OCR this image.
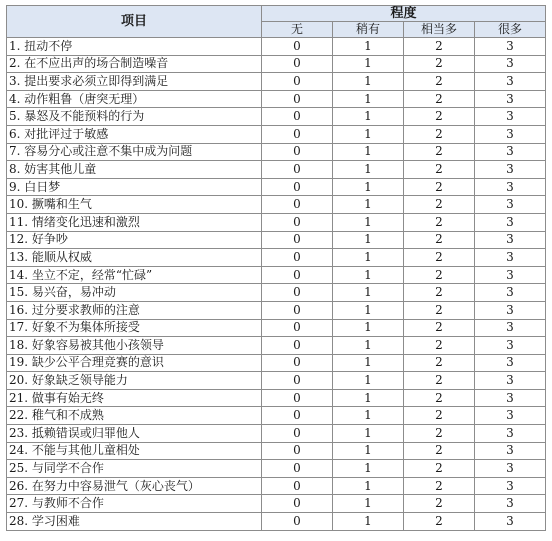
项目	程度			
	无	稍有	相当多	很多
1. 扭动不停	0	1	2	3
2. 在不应出声的场合制造噪音	0	1	2	3
3. 提出要求必须立即得到满足	0	1	2	3
4. 动作粗鲁（唐突无理）	0	1	2	3
5. 暴怒及不能预料的行为	0	1	2	3
6. 对批评过于敏感	0	1	2	3
7. 容易分心或注意不集中成为问题	0	1	2	3
8. 妨害其他儿童	0	1	2	3
9. 白日梦	0	1	2	3
10. 撅嘴和生气	0	1	2	3
11. 情绪变化迅速和激烈	0	1	2	3
12. 好争吵	0	1	2	3
13. 能顺从权威	0	1	2	3
14. 坐立不定，经常“忙碌”	0	1	2	3
15. 易兴奋，易冲动	0	1	2	3
16. 过分要求教师的注意	0	1	2	3
17. 好象不为集体所接受	0	1	2	3
18. 好象容易被其他小孩领导	0	1	2	3
19. 缺少公平合理竞赛的意识	0	1	2	3
20. 好象缺乏领导能力	0	1	2	3
21. 做事有始无终	0	1	2	3
22. 稚气和不成熟	0	1	2	3
23. 抵赖错误或归罪他人	0	1	2	3
24. 不能与其他儿童相处	0	1	2	3
25. 与同学不合作	0	1	2	3
26. 在努力中容易泄气（灰心丧气）	0	1	2	3
27. 与教师不合作	0	1	2	3
28. 学习困难	0	1	2	3
